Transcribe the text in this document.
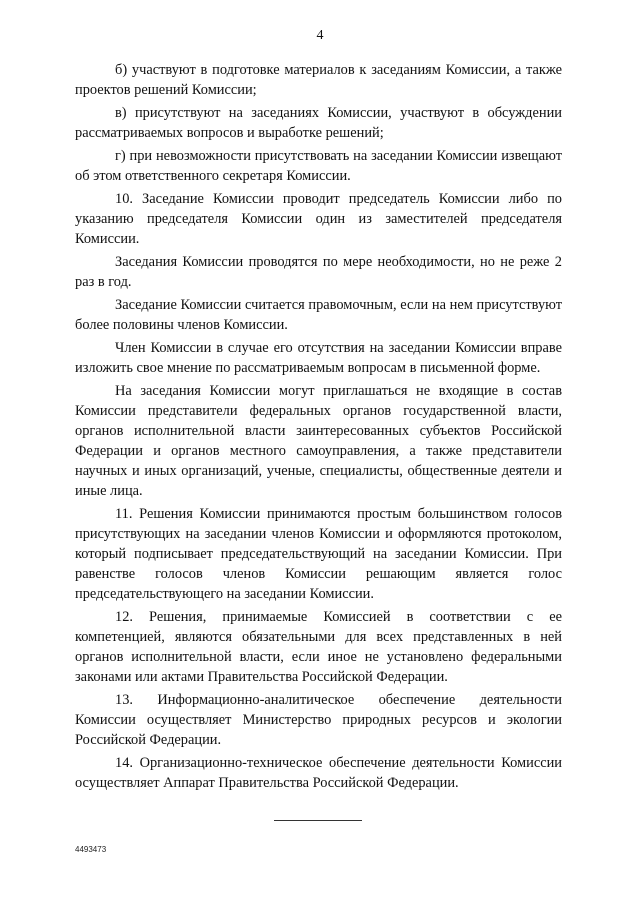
4

б) участвуют в подготовке материалов к заседаниям Комиссии, а также проектов решений Комиссии;

в) присутствуют на заседаниях Комиссии, участвуют в обсуждении рассматриваемых вопросов и выработке решений;

г) при невозможности присутствовать на заседании Комиссии извещают об этом ответственного секретаря Комиссии.

10. Заседание Комиссии проводит председатель Комиссии либо по указанию председателя Комиссии один из заместителей председателя Комиссии.

Заседания Комиссии проводятся по мере необходимости, но не реже 2 раз в год.

Заседание Комиссии считается правомочным, если на нем присутствуют более половины членов Комиссии.

Член Комиссии в случае его отсутствия на заседании Комиссии вправе изложить свое мнение по рассматриваемым вопросам в письменной форме.

На заседания Комиссии могут приглашаться не входящие в состав Комиссии представители федеральных органов государственной власти, органов исполнительной власти заинтересованных субъектов Российской Федерации и органов местного самоуправления, а также представители научных и иных организаций, ученые, специалисты, общественные деятели и иные лица.

11. Решения Комиссии принимаются простым большинством голосов присутствующих на заседании членов Комиссии и оформляются протоколом, который подписывает председательствующий на заседании Комиссии. При равенстве голосов членов Комиссии решающим является голос председательствующего на заседании Комиссии.

12. Решения, принимаемые Комиссией в соответствии с ее компетенцией, являются обязательными для всех представленных в ней органов исполнительной власти, если иное не установлено федеральными законами или актами Правительства Российской Федерации.

13. Информационно-аналитическое обеспечение деятельности Комиссии осуществляет Министерство природных ресурсов и экологии Российской Федерации.

14. Организационно-техническое обеспечение деятельности Комиссии осуществляет Аппарат Правительства Российской Федерации.

4493473
